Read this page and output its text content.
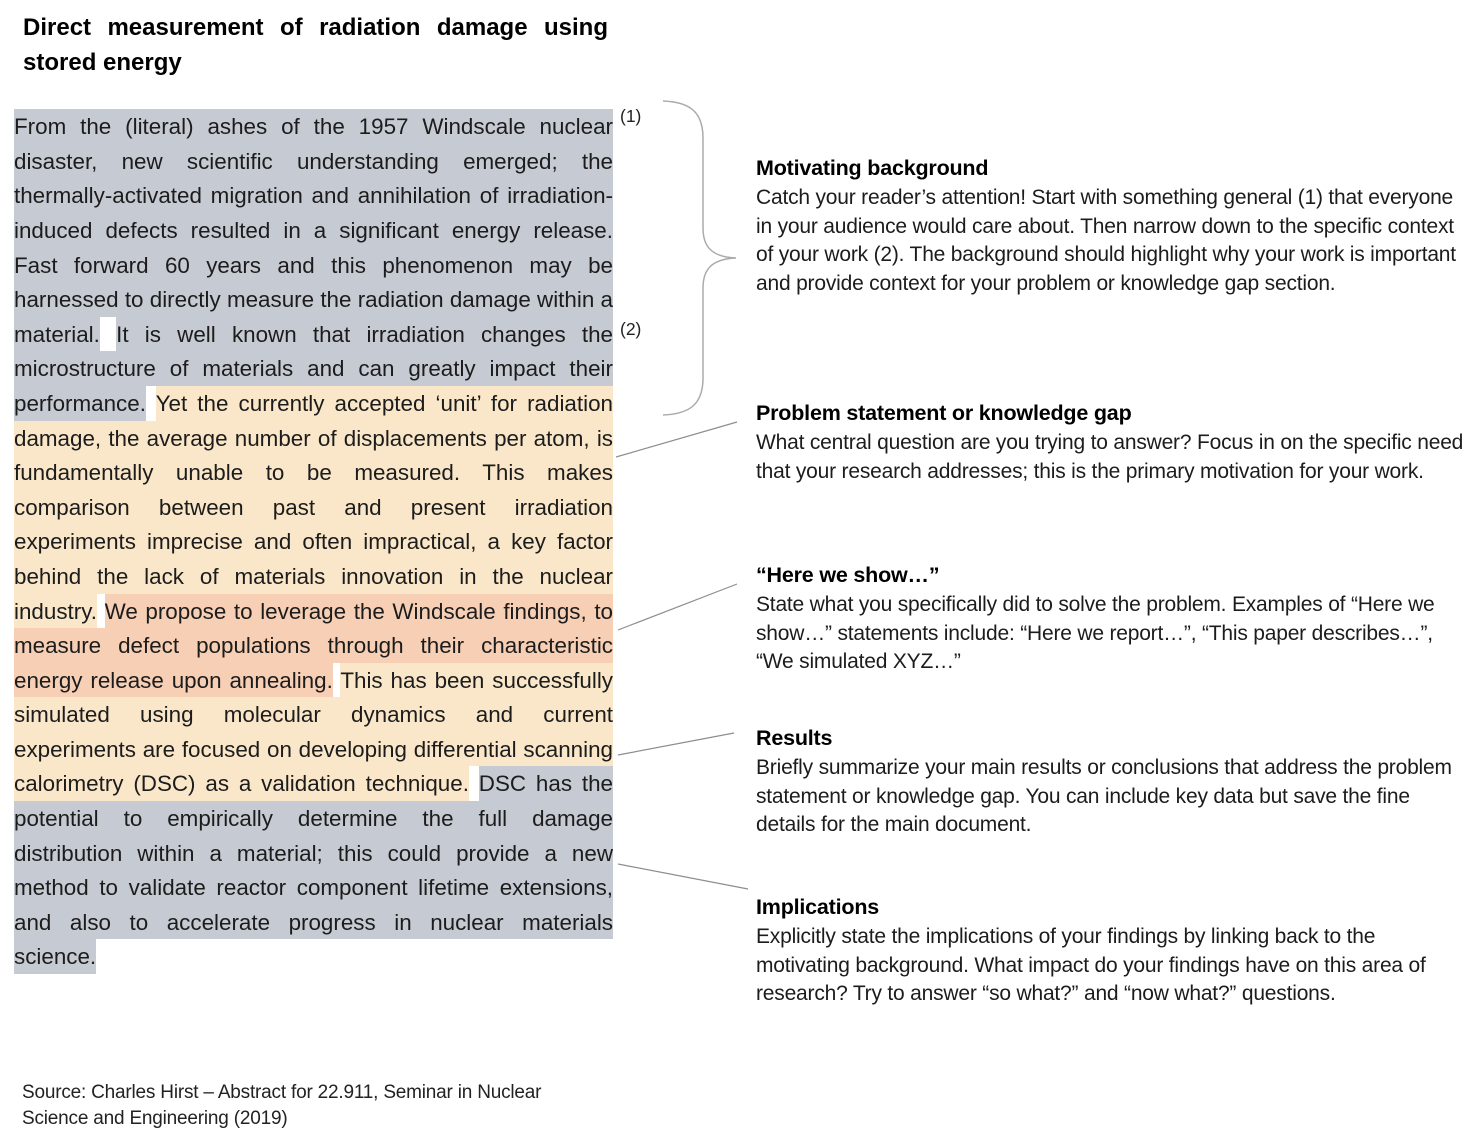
Direct measurement of radiation damage using stored energy

From the (literal) ashes of the 1957 Windscale nuclear disaster, new scientific understanding emerged; the thermally-activated migration and annihilation of irradiation-induced defects resulted in a significant energy release. Fast forward 60 years and this phenomenon may be harnessed to directly measure the radiation damage within a material. It is well known that irradiation changes the microstructure of materials and can greatly impact their performance. Yet the currently accepted ‘unit’ for radiation damage, the average number of displacements per atom, is fundamentally unable to be measured. This makes comparison between past and present irradiation experiments imprecise and often impractical, a key factor behind the lack of materials innovation in the nuclear industry. We propose to leverage the Windscale findings, to measure defect populations through their characteristic energy release upon annealing. This has been successfully simulated using molecular dynamics and current experiments are focused on developing differential scanning calorimetry (DSC) as a validation technique. DSC has the potential to empirically determine the full damage distribution within a material; this could provide a new method to validate reactor component lifetime extensions, and also to accelerate progress in nuclear materials science.

(1)
(2)
Motivating background

Catch your reader’s attention! Start with something general (1) that everyone in your audience would care about. Then narrow down to the specific context of your work (2). The background should highlight why your work is important and provide context for your problem or knowledge gap section.

Problem statement or knowledge gap

What central question are you trying to answer? Focus in on the specific need that your research addresses; this is the primary motivation for your work.

“Here we show…”

State what you specifically did to solve the problem. Examples of “Here we show…” statements include: “Here we report…”, “This paper describes…”, “We simulated XYZ…”

Results

Briefly summarize your main results or conclusions that address the problem statement or knowledge gap. You can include key data but save the fine details for the main document.

Implications

Explicitly state the implications of your findings by linking back to the motivating background. What impact do your findings have on this area of research? Try to answer “so what?” and “now what?” questions.

Source: Charles Hirst – Abstract for 22.911, Seminar in Nuclear Science and Engineering (2019)
